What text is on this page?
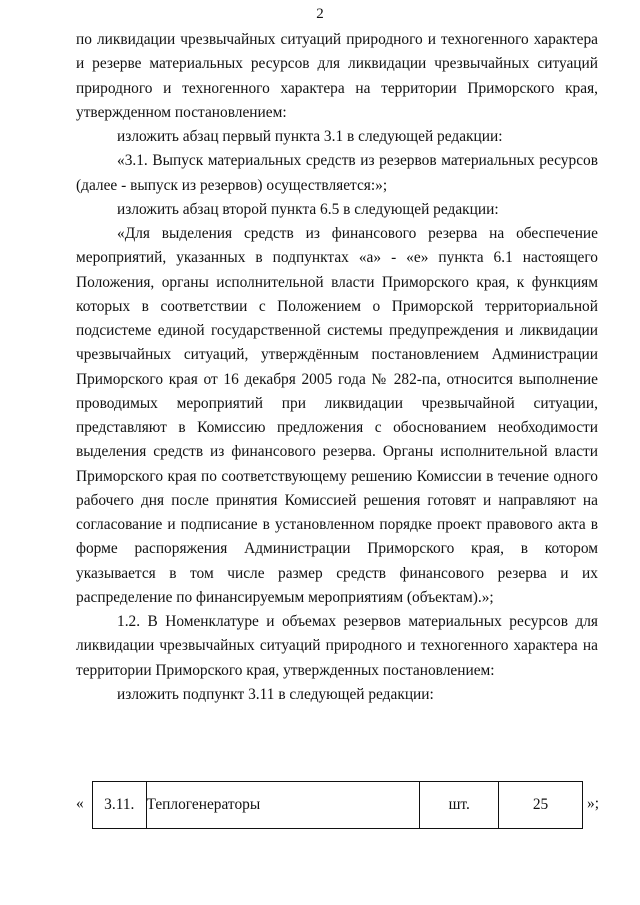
2

по ликвидации чрезвычайных ситуаций природного и техногенного характера и резерве материальных ресурсов для ликвидации чрезвычайных ситуаций природного и техногенного характера на территории Приморского края, утвержденном постановлением:

изложить абзац первый пункта 3.1 в следующей редакции:

«3.1. Выпуск материальных средств из резервов материальных ресурсов (далее - выпуск из резервов) осуществляется:»;

изложить абзац второй пункта 6.5 в следующей редакции:

«Для выделения средств из финансового резерва на обеспечение мероприятий, указанных в подпунктах «а» - «е» пункта 6.1 настоящего Положения, органы исполнительной власти Приморского края, к функциям которых в соответствии с Положением о Приморской территориальной подсистеме единой государственной системы предупреждения и ликвидации чрезвычайных ситуаций, утверждённым постановлением Администрации Приморского края от 16 декабря 2005 года № 282-па, относится выполнение проводимых мероприятий при ликвидации чрезвычайной ситуации, представляют в Комиссию предложения с обоснованием необходимости выделения средств из финансового резерва. Органы исполнительной власти Приморского края по соответствующему решению Комиссии в течение одного рабочего дня после принятия Комиссией решения готовят и направляют на согласование и подписание в установленном порядке проект правового акта в форме распоряжения Администрации Приморского края, в котором указывается в том числе размер средств финансового резерва и их распределение по финансируемым мероприятиям (объектам).»;

1.2. В Номенклатуре и объемах резервов материальных ресурсов для ликвидации чрезвычайных ситуаций природного и техногенного характера на территории Приморского края, утвержденных постановлением:

изложить подпункт 3.11 в следующей редакции:

« 3.11.	Теплогенераторы	шт.	25	»;
